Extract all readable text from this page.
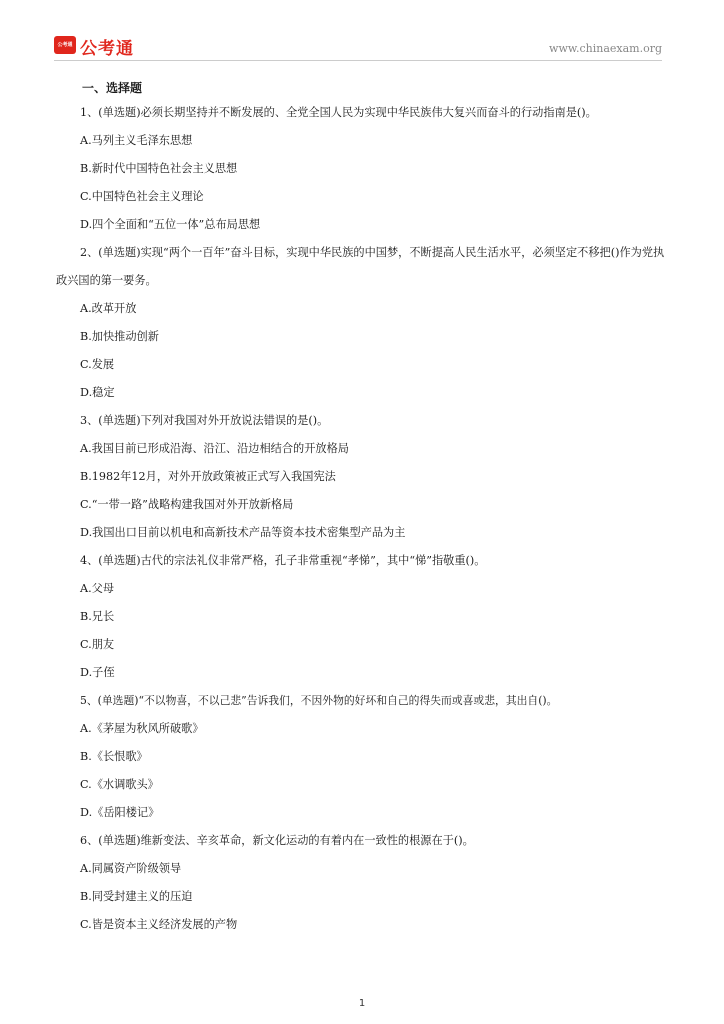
公考通 公考通	www.chinaexam.org
一、选择题
1、(单选题)必须长期坚持并不断发展的、全党全国人民为实现中华民族伟大复兴而奋斗的行动指南是()。
A.马列主义毛泽东思想
B.新时代中国特色社会主义思想
C.中国特色社会主义理论
D.四个全面和“五位一体”总布局思想
2、(单选题)实现“两个一百年”奋斗目标，实现中华民族的中国梦，不断提高人民生活水平，必须坚定不移把()作为党执政兴国的第一要务。
A.改革开放
B.加快推动创新
C.发展
D.稳定
3、(单选题)下列对我国对外开放说法错误的是()。
A.我国目前已形成沿海、沿江、沿边相结合的开放格局
B.1982年12月，对外开放政策被正式写入我国宪法
C.“一带一路”战略构建我国对外开放新格局
D.我国出口目前以机电和高新技术产品等资本技术密集型产品为主
4、(单选题)古代的宗法礼仪非常严格，孔子非常重视“孝悌”，其中“悌”指敬重()。
A.父母
B.兄长
C.朋友
D.子侄
5、(单选题)“不以物喜，不以己悲”告诉我们，不因外物的好坏和自己的得失而或喜或悲，其出自()。
A.《茅屋为秋风所破歌》
B.《长恨歌》
C.《水调歌头》
D.《岳阳楼记》
6、(单选题)维新变法、辛亥革命，新文化运动的有着内在一致性的根源在于()。
A.同属资产阶级领导
B.同受封建主义的压迫
C.皆是资本主义经济发展的产物
1
